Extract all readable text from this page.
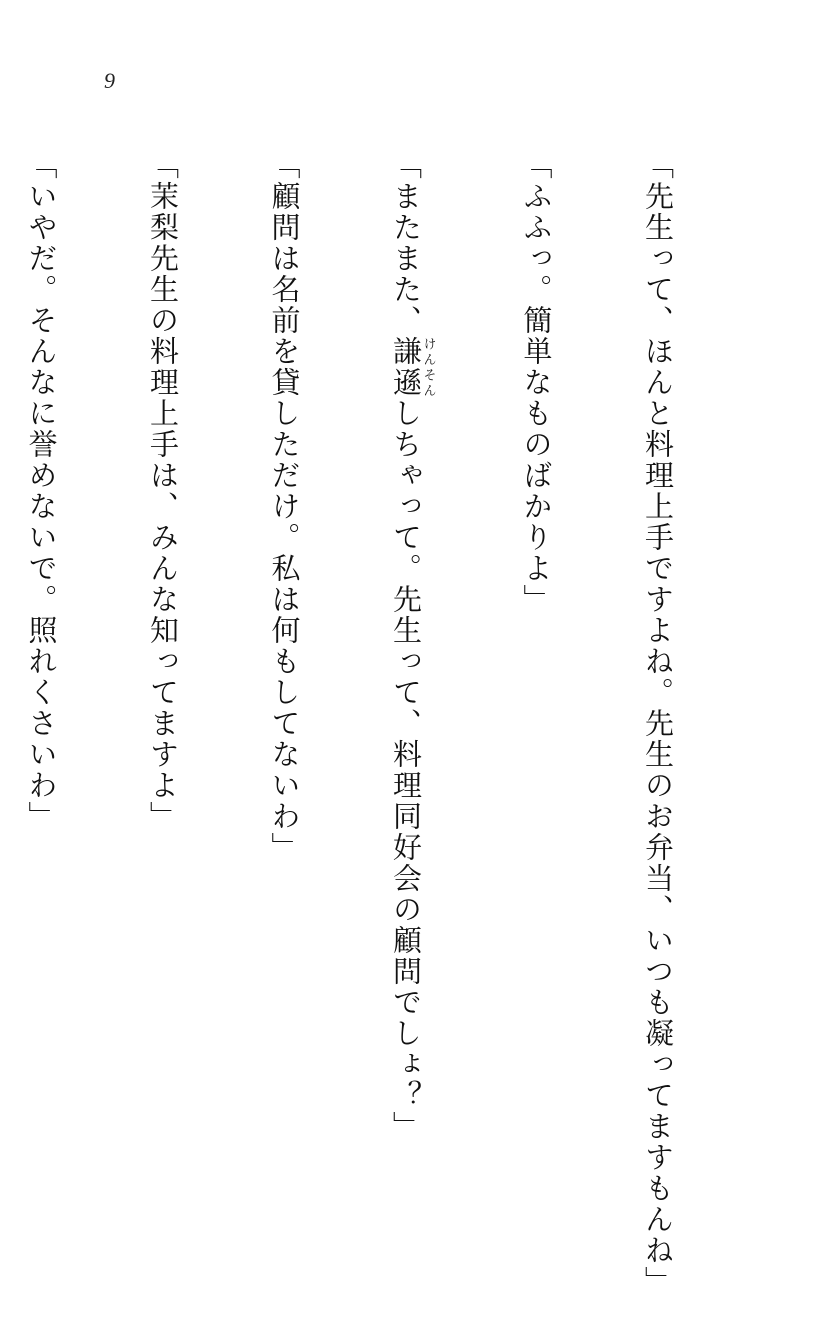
9

「先生って、ほんと料理上手ですよね。先生のお弁当、いつも凝ってますもんね」

「ふふっ。簡単なものばかりよ」

「またまた、謙遜けんそんしちゃって。先生って、料理同好会の顧問でしょ？」

「顧問は名前を貸しただけ。私は何もしてないわ」

「茉梨先生の料理上手は、みんな知ってますよ」

「いやだ。そんなに誉めないで。照れくさいわ」
